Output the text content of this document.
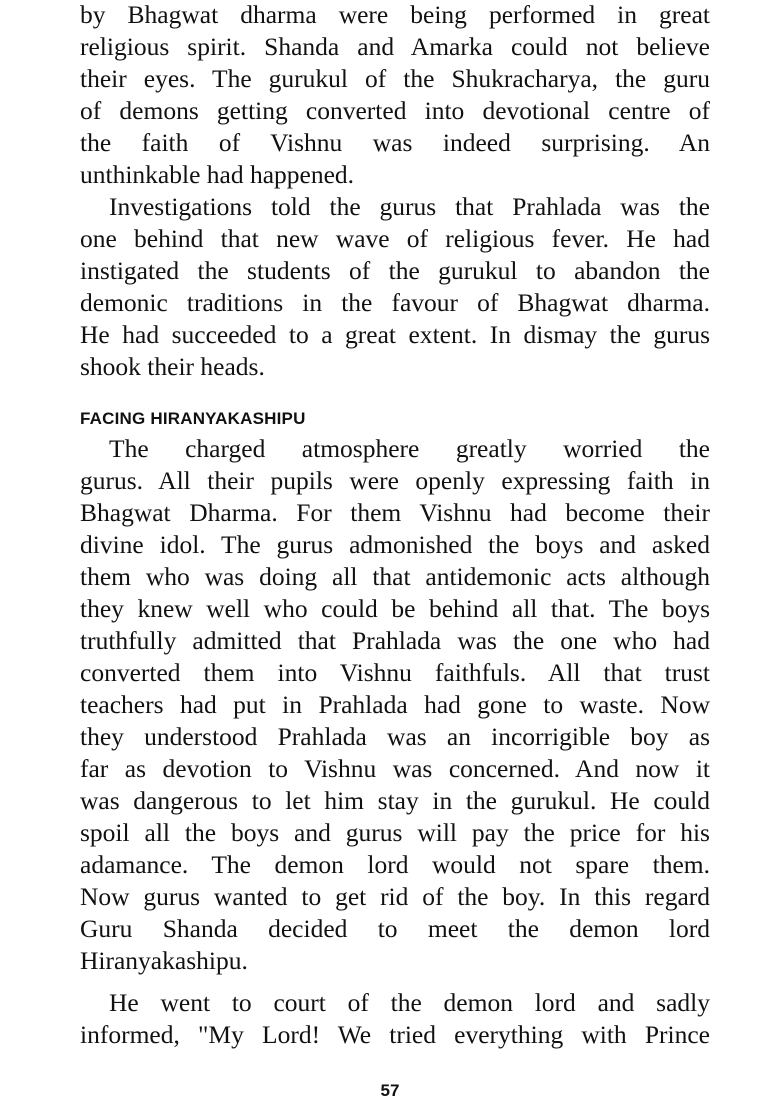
by Bhagwat dharma were being performed in great
religious spirit. Shanda and Amarka could not believe
their eyes. The gurukul of the Shukracharya, the guru
of demons getting converted into devotional centre of
the faith of Vishnu was indeed surprising. An
unthinkable had happened.
Investigations told the gurus that Prahlada was the
one behind that new wave of religious fever. He had
instigated the students of the gurukul to abandon the
demonic traditions in the favour of Bhagwat dharma.
He had succeeded to a great extent. In dismay the gurus
shook their heads.
FACING HIRANYAKASHIPU
The charged atmosphere greatly worried the
gurus. All their pupils were openly expressing faith in
Bhagwat Dharma. For them Vishnu had become their
divine idol. The gurus admonished the boys and asked
them who was doing all that antidemonic acts although
they knew well who could be behind all that. The boys
truthfully admitted that Prahlada was the one who had
converted them into Vishnu faithfuls. All that trust
teachers had put in Prahlada had gone to waste. Now
they understood Prahlada was an incorrigible boy as
far as devotion to Vishnu was concerned. And now it
was dangerous to let him stay in the gurukul. He could
spoil all the boys and gurus will pay the price for his
adamance. The demon lord would not spare them.
Now gurus wanted to get rid of the boy. In this regard
Guru Shanda decided to meet the demon lord
Hiranyakashipu.
He went to court of the demon lord and sadly
informed, "My Lord! We tried everything with Prince
57
